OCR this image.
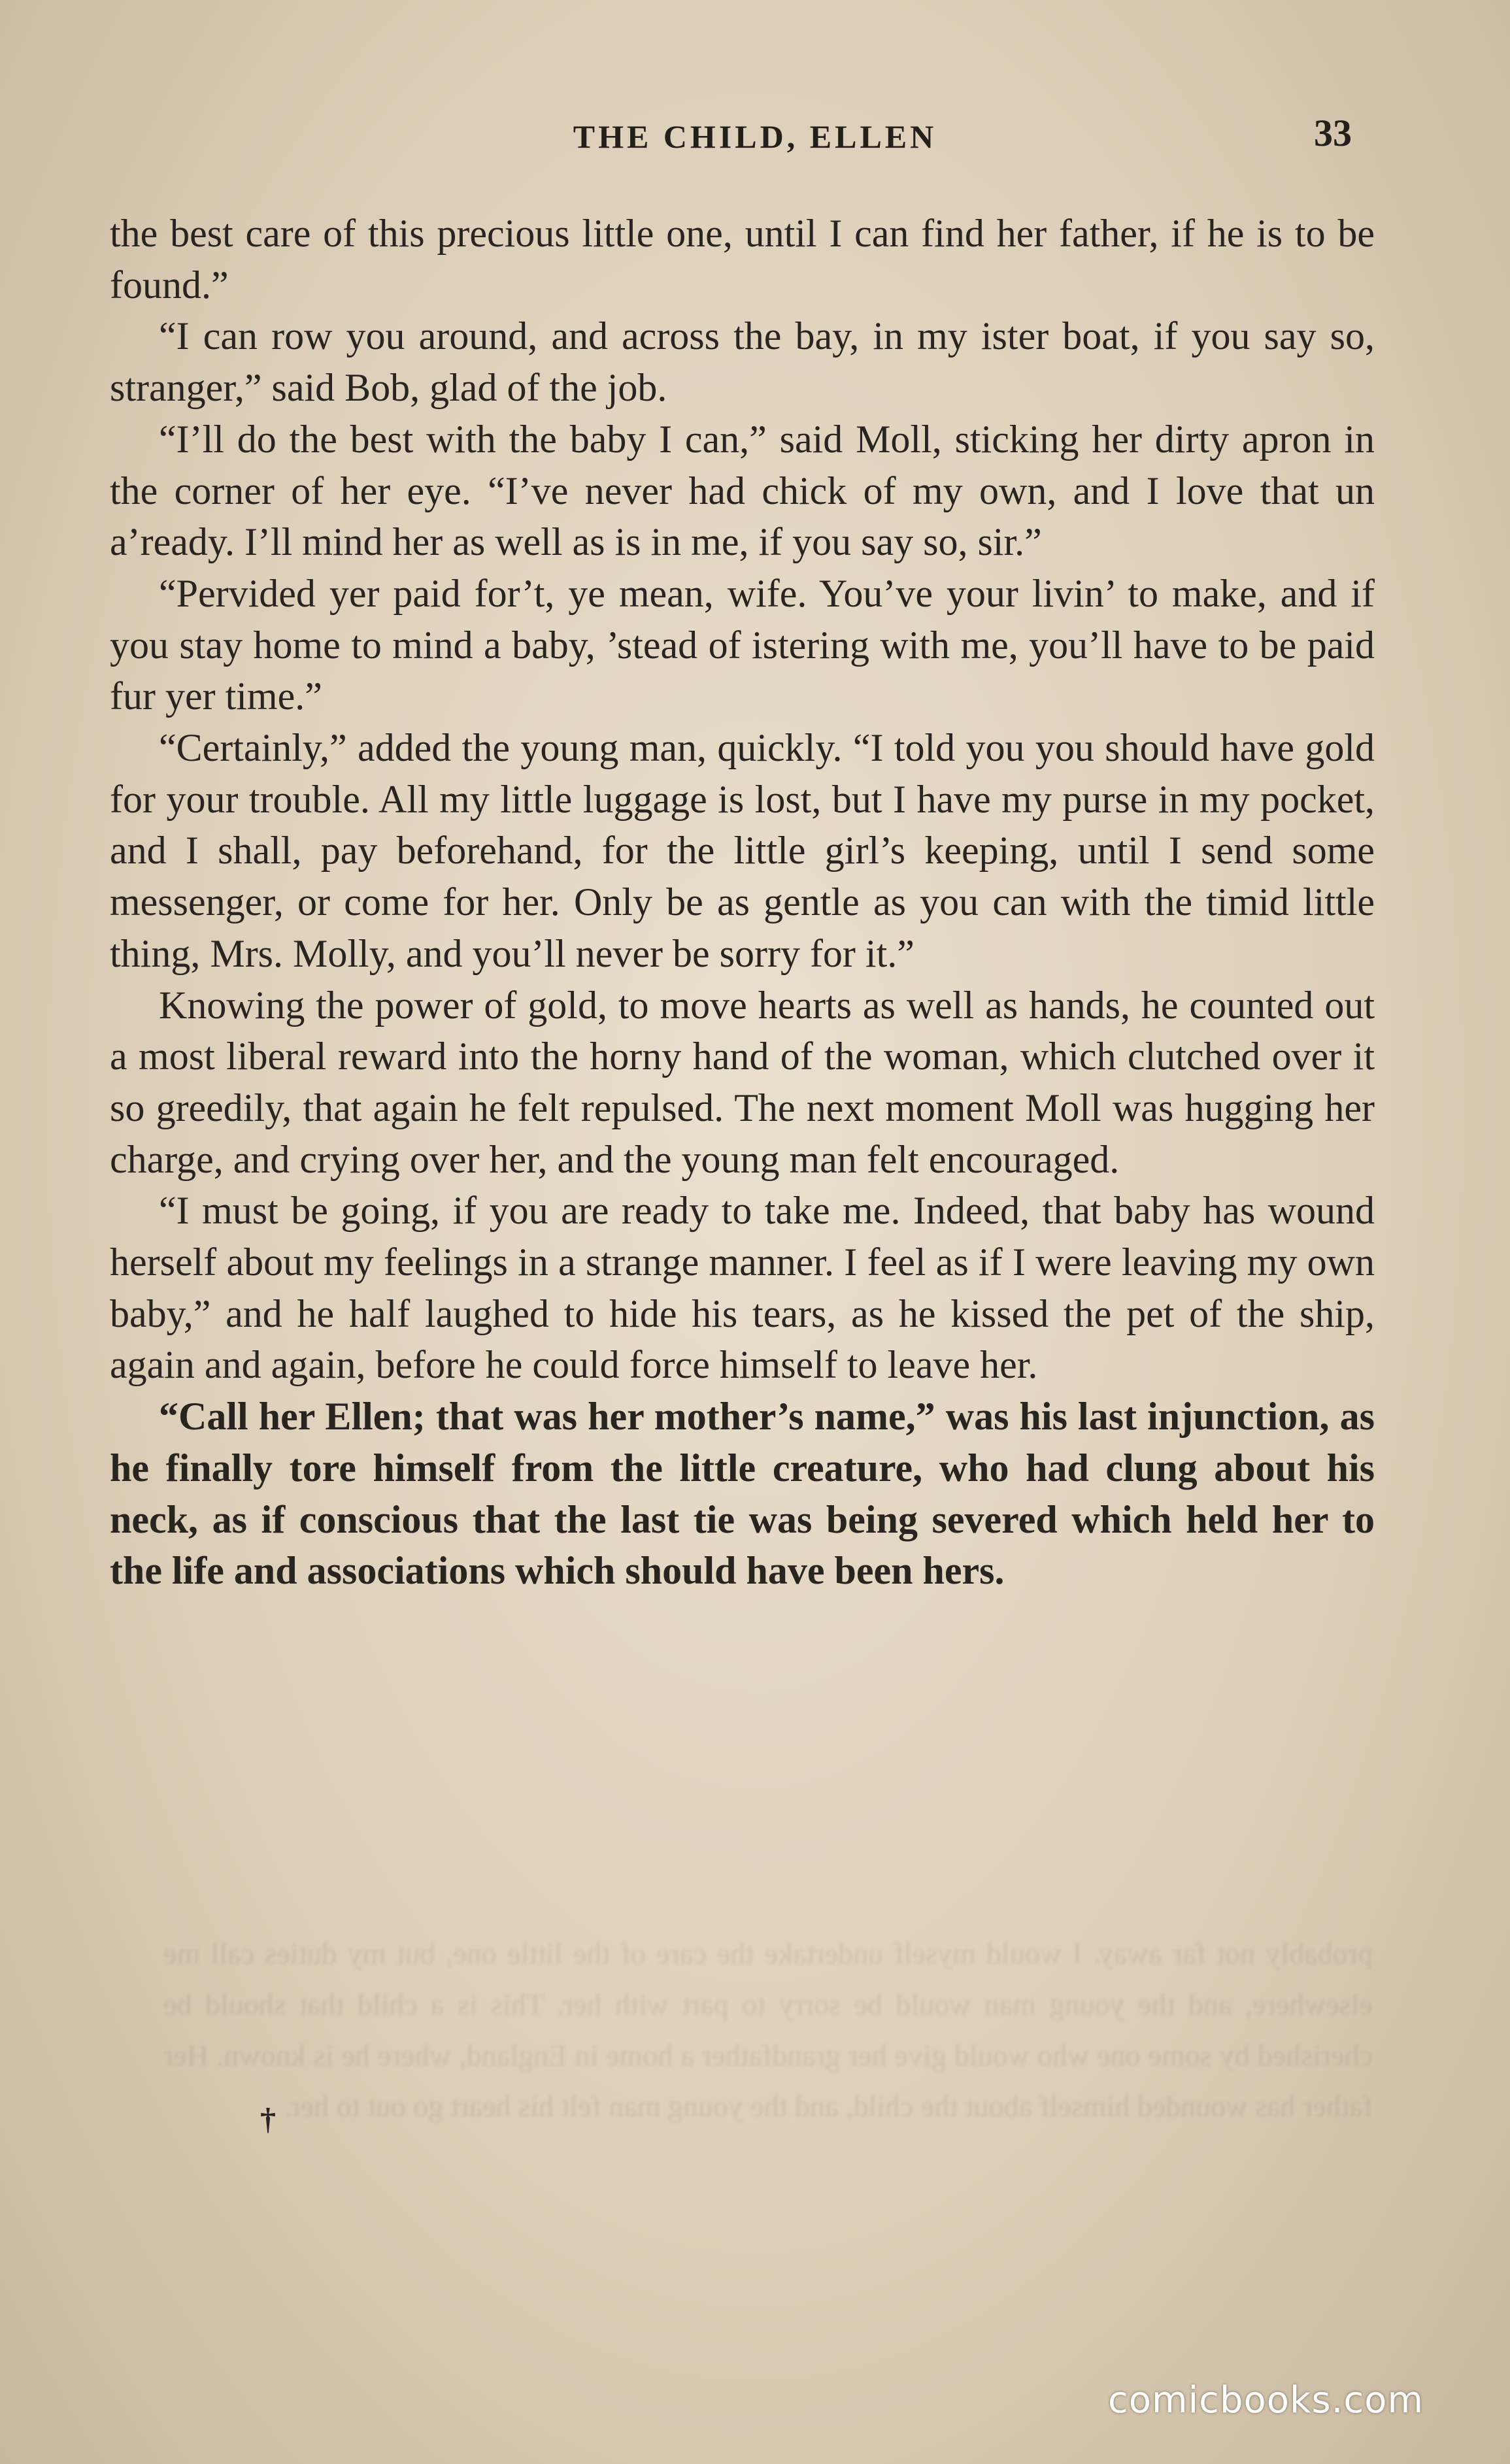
probably not far away. I would myself undertake the care of the little one, but my duties call me elsewhere, and the young man would be sorry to part with her. This is a child that should be cherished by some one who would give her grandfather a home in England, where he is known. Her father has wounded himself about the child, and the young man felt his heart go out to her.
THE CHILD, ELLEN	33

the best care of this precious little one, until I can find her father, if he is to be found.”

“I can row you around, and across the bay, in my ister boat, if you say so, stranger,” said Bob, glad of the job.

“I’ll do the best with the baby I can,” said Moll, sticking her dirty apron in the corner of her eye. “I’ve never had chick of my own, and I love that un a’ready. I’ll mind her as well as is in me, if you say so, sir.”

“Pervided yer paid for’t, ye mean, wife. You’ve your livin’ to make, and if you stay home to mind a baby, ’stead of istering with me, you’ll have to be paid fur yer time.”

“Certainly,” added the young man, quickly. “I told you you should have gold for your trouble. All my little luggage is lost, but I have my purse in my pocket, and I shall, pay beforehand, for the little girl’s keeping, until I send some messenger, or come for her. Only be as gentle as you can with the timid little thing, Mrs. Molly, and you’ll never be sorry for it.”

Knowing the power of gold, to move hearts as well as hands, he counted out a most liberal reward into the horny hand of the woman, which clutched over it so greedily, that again he felt repulsed. The next moment Moll was hugging her charge, and crying over her, and the young man felt encouraged.

“I must be going, if you are ready to take me. Indeed, that baby has wound herself about my feelings in a strange manner. I feel as if I were leaving my own baby,” and he half laughed to hide his tears, as he kissed the pet of the ship, again and again, before he could force himself to leave her.

“Call her Ellen; that was her mother’s name,” was his last injunction, as he finally tore himself from the little creature, who had clung about his neck, as if conscious that the last tie was being severed which held her to the life and associations which should have been hers.

†
comicbooks.com
